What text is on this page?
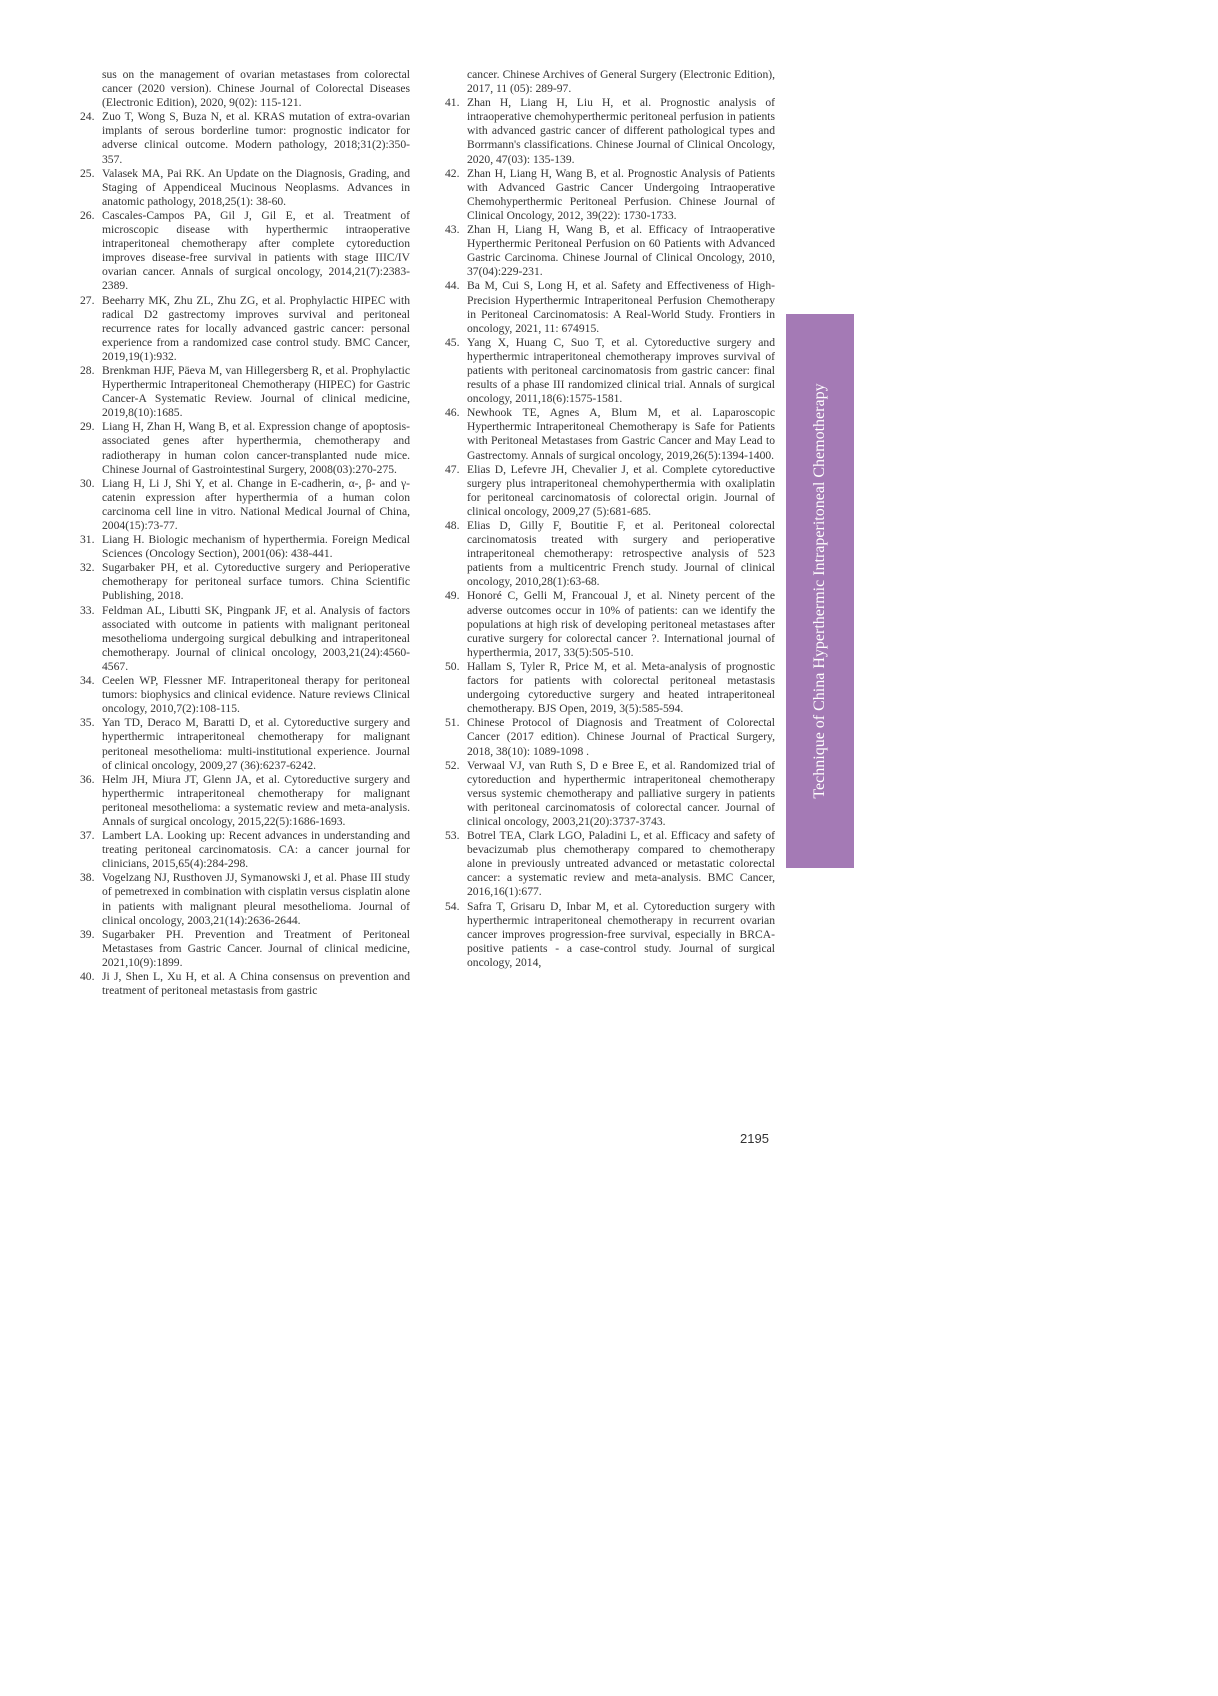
sus on the management of ovarian metastases from colorectal cancer (2020 version). Chinese Journal of Colorectal Diseases (Electronic Edition), 2020, 9(02): 115-121.
24. Zuo T, Wong S, Buza N, et al. KRAS mutation of extra-ovarian implants of serous borderline tumor: prognostic indicator for adverse clinical outcome. Modern pathology, 2018;31(2):350-357.
25. Valasek MA, Pai RK. An Update on the Diagnosis, Grading, and Staging of Appendiceal Mucinous Neoplasms. Advances in anatomic pathology, 2018,25(1): 38-60.
26. Cascales-Campos PA, Gil J, Gil E, et al. Treatment of microscopic disease with hyperthermic intraoperative intraperitoneal chemotherapy after complete cytoreduction improves disease-free survival in patients with stage IIIC/IV ovarian cancer. Annals of surgical oncology, 2014,21(7):2383-2389.
27. Beeharry MK, Zhu ZL, Zhu ZG, et al. Prophylactic HIPEC with radical D2 gastrectomy improves survival and peritoneal recurrence rates for locally advanced gastric cancer: personal experience from a randomized case control study. BMC Cancer, 2019,19(1):932.
28. Brenkman HJF, Päeva M, van Hillegersberg R, et al. Prophylactic Hyperthermic Intraperitoneal Chemotherapy (HIPEC) for Gastric Cancer-A Systematic Review. Journal of clinical medicine, 2019,8(10):1685.
29. Liang H, Zhan H, Wang B, et al. Expression change of apoptosis-associated genes after hyperthermia, chemotherapy and radiotherapy in human colon cancer-transplanted nude mice. Chinese Journal of Gastrointestinal Surgery, 2008(03):270-275.
30. Liang H, Li J, Shi Y, et al. Change in E-cadherin, α-, β- and γ-catenin expression after hyperthermia of a human colon carcinoma cell line in vitro. National Medical Journal of China, 2004(15):73-77.
31. Liang H. Biologic mechanism of hyperthermia. Foreign Medical Sciences (Oncology Section), 2001(06): 438-441.
32. Sugarbaker PH, et al. Cytoreductive surgery and Perioperative chemotherapy for peritoneal surface tumors. China Scientific Publishing, 2018.
33. Feldman AL, Libutti SK, Pingpank JF, et al. Analysis of factors associated with outcome in patients with malignant peritoneal mesothelioma undergoing surgical debulking and intraperitoneal chemotherapy. Journal of clinical oncology, 2003,21(24):4560-4567.
34. Ceelen WP, Flessner MF. Intraperitoneal therapy for peritoneal tumors: biophysics and clinical evidence. Nature reviews Clinical oncology, 2010,7(2):108-115.
35. Yan TD, Deraco M, Baratti D, et al. Cytoreductive surgery and hyperthermic intraperitoneal chemotherapy for malignant peritoneal mesothelioma: multi-institutional experience. Journal of clinical oncology, 2009,27 (36):6237-6242.
36. Helm JH, Miura JT, Glenn JA, et al. Cytoreductive surgery and hyperthermic intraperitoneal chemotherapy for malignant peritoneal mesothelioma: a systematic review and meta-analysis. Annals of surgical oncology, 2015,22(5):1686-1693.
37. Lambert LA. Looking up: Recent advances in understanding and treating peritoneal carcinomatosis. CA: a cancer journal for clinicians, 2015,65(4):284-298.
38. Vogelzang NJ, Rusthoven JJ, Symanowski J, et al. Phase III study of pemetrexed in combination with cisplatin versus cisplatin alone in patients with malignant pleural mesothelioma. Journal of clinical oncology, 2003,21(14):2636-2644.
39. Sugarbaker PH. Prevention and Treatment of Peritoneal Metastases from Gastric Cancer. Journal of clinical medicine, 2021,10(9):1899.
40. Ji J, Shen L, Xu H, et al. A China consensus on prevention and treatment of peritoneal metastasis from gastric
cancer. Chinese Archives of General Surgery (Electronic Edition), 2017, 11 (05): 289-97.
41. Zhan H, Liang H, Liu H, et al. Prognostic analysis of intraoperative chemohyperthermic peritoneal perfusion in patients with advanced gastric cancer of different pathological types and Borrmann's classifications. Chinese Journal of Clinical Oncology, 2020, 47(03): 135-139.
42. Zhan H, Liang H, Wang B, et al. Prognostic Analysis of Patients with Advanced Gastric Cancer Undergoing Intraoperative Chemohyperthermic Peritoneal Perfusion. Chinese Journal of Clinical Oncology, 2012, 39(22): 1730-1733.
43. Zhan H, Liang H, Wang B, et al. Efficacy of Intraoperative Hyperthermic Peritoneal Perfusion on 60 Patients with Advanced Gastric Carcinoma. Chinese Journal of Clinical Oncology, 2010, 37(04):229-231.
44. Ba M, Cui S, Long H, et al. Safety and Effectiveness of High-Precision Hyperthermic Intraperitoneal Perfusion Chemotherapy in Peritoneal Carcinomatosis: A Real-World Study. Frontiers in oncology, 2021, 11: 674915.
45. Yang X, Huang C, Suo T, et al. Cytoreductive surgery and hyperthermic intraperitoneal chemotherapy improves survival of patients with peritoneal carcinomatosis from gastric cancer: final results of a phase III randomized clinical trial. Annals of surgical oncology, 2011,18(6):1575-1581.
46. Newhook TE, Agnes A, Blum M, et al. Laparoscopic Hyperthermic Intraperitoneal Chemotherapy is Safe for Patients with Peritoneal Metastases from Gastric Cancer and May Lead to Gastrectomy. Annals of surgical oncology, 2019,26(5):1394-1400.
47. Elias D, Lefevre JH, Chevalier J, et al. Complete cytoreductive surgery plus intraperitoneal chemohyperthermia with oxaliplatin for peritoneal carcinomatosis of colorectal origin. Journal of clinical oncology, 2009,27 (5):681-685.
48. Elias D, Gilly F, Boutitie F, et al. Peritoneal colorectal carcinomatosis treated with surgery and perioperative intraperitoneal chemotherapy: retrospective analysis of 523 patients from a multicentric French study. Journal of clinical oncology, 2010,28(1):63-68.
49. Honoré C, Gelli M, Francoual J, et al. Ninety percent of the adverse outcomes occur in 10% of patients: can we identify the populations at high risk of developing peritoneal metastases after curative surgery for colorectal cancer ?. International journal of hyperthermia, 2017, 33(5):505-510.
50. Hallam S, Tyler R, Price M, et al. Meta-analysis of prognostic factors for patients with colorectal peritoneal metastasis undergoing cytoreductive surgery and heated intraperitoneal chemotherapy. BJS Open, 2019, 3(5):585-594.
51. Chinese Protocol of Diagnosis and Treatment of Colorectal Cancer (2017 edition). Chinese Journal of Practical Surgery, 2018, 38(10): 1089-1098 .
52. Verwaal VJ, van Ruth S, D e Bree E, et al. Randomized trial of cytoreduction and hyperthermic intraperitoneal chemotherapy versus systemic chemotherapy and palliative surgery in patients with peritoneal carcinomatosis of colorectal cancer. Journal of clinical oncology, 2003,21(20):3737-3743.
53. Botrel TEA, Clark LGO, Paladini L, et al. Efficacy and safety of bevacizumab plus chemotherapy compared to chemotherapy alone in previously untreated advanced or metastatic colorectal cancer: a systematic review and meta-analysis. BMC Cancer, 2016,16(1):677.
54. Safra T, Grisaru D, Inbar M, et al. Cytoreduction surgery with hyperthermic intraperitoneal chemotherapy in recurrent ovarian cancer improves progression-free survival, especially in BRCA-positive patients - a case-control study. Journal of surgical oncology, 2014,
Technique of China Hyperthermic Intraperitoneal Chemotherapy
2195
